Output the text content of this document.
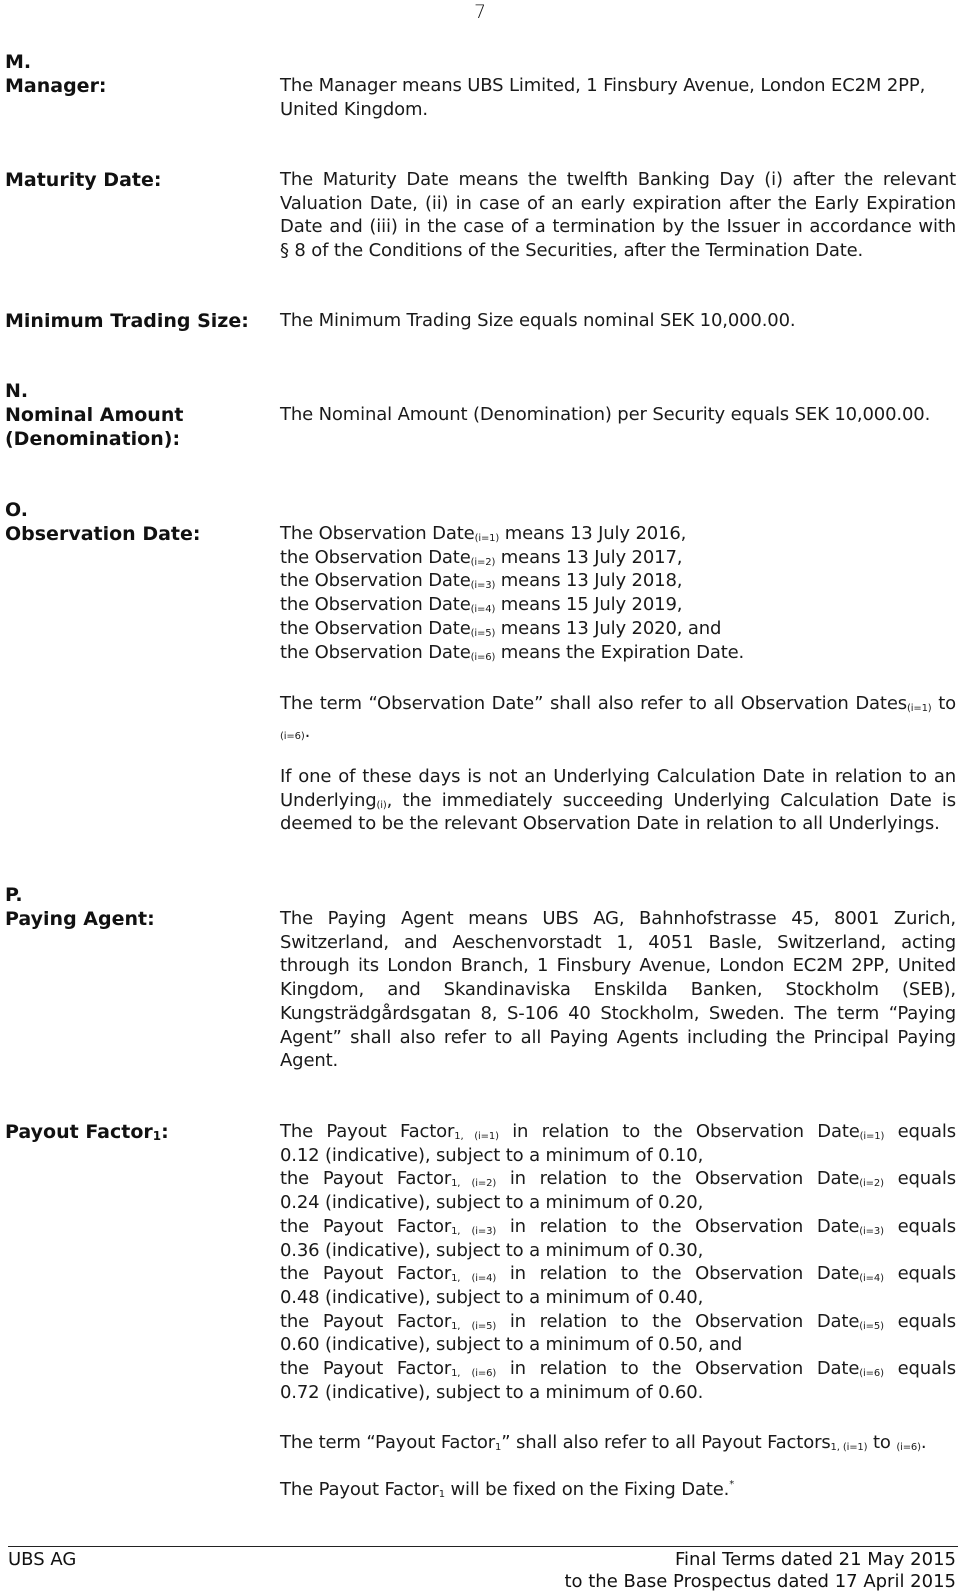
7
M.
Manager:	The Manager means UBS Limited, 1 Finsbury Avenue, London EC2M 2PP,
United Kingdom.
Maturity Date:	The Maturity Date means the twelfth Banking Day (i) after the relevant
Valuation Date, (ii) in case of an early expiration after the Early Expiration
Date and (iii) in the case of a termination by the Issuer in accordance with
§ 8 of the Conditions of the Securities, after the Termination Date.
Minimum Trading Size:	The Minimum Trading Size equals nominal SEK 10,000.00.
N.
Nominal Amount
(Denomination):
The Nominal Amount (Denomination) per Security equals SEK 10,000.00.
O.
Observation Date:	The Observation Date$_{(i=1)}$ means 13 July 2016,
the Observation Date$_{(i=2)}$ means 13 July 2017,
the Observation Date$_{(i=3)}$ means 13 July 2018,
the Observation Date$_{(i=4)}$ means 15 July 2019,
the Observation Date$_{(i=5)}$ means 13 July 2020, and
the Observation Date$_{(i=6)}$ means the Expiration Date.
The term “Observation Date” shall also refer to all Observation Dates$_{(i=1)}$ to
$_{(i=6)}$.
If one of these days is not an Underlying Calculation Date in relation to an
Underlying$_{(i)}$, the immediately succeeding Underlying Calculation Date is
deemed to be the relevant Observation Date in relation to all Underlyings.
P.
Paying Agent:	The Paying Agent means UBS AG, Bahnhofstrasse 45, 8001 Zurich,
Switzerland, and Aeschenvorstadt 1, 4051 Basle, Switzerland, acting
through its London Branch, 1 Finsbury Avenue, London EC2M 2PP, United
Kingdom, and Skandinaviska Enskilda Banken, Stockholm (SEB),
Kungsträdgårdsgatan 8, S-106 40 Stockholm, Sweden. The term “Paying
Agent” shall also refer to all Paying Agents including the Principal Paying
Agent.
Payout Factor$_1$:	The Payout Factor$_{1, (i=1)}$ in relation to the Observation Date$_{(i=1)}$ equals
0.12 (indicative), subject to a minimum of 0.10,
the Payout Factor$_{1, (i=2)}$ in relation to the Observation Date$_{(i=2)}$ equals
0.24 (indicative), subject to a minimum of 0.20,
the Payout Factor$_{1, (i=3)}$ in relation to the Observation Date$_{(i=3)}$ equals
0.36 (indicative), subject to a minimum of 0.30,
the Payout Factor$_{1, (i=4)}$ in relation to the Observation Date$_{(i=4)}$ equals
0.48 (indicative), subject to a minimum of 0.40,
the Payout Factor$_{1, (i=5)}$ in relation to the Observation Date$_{(i=5)}$ equals
0.60 (indicative), subject to a minimum of 0.50, and
the Payout Factor$_{1, (i=6)}$ in relation to the Observation Date$_{(i=6)}$ equals
0.72 (indicative), subject to a minimum of 0.60.
The term “Payout Factor$_1$” shall also refer to all Payout Factors$_{1, (i=1)}$ to $_{(i=6)}$.
The Payout Factor$_1$ will be fixed on the Fixing Date.*
UBS AG	Final Terms dated 21 May 2015
to the Base Prospectus dated 17 April 2015
